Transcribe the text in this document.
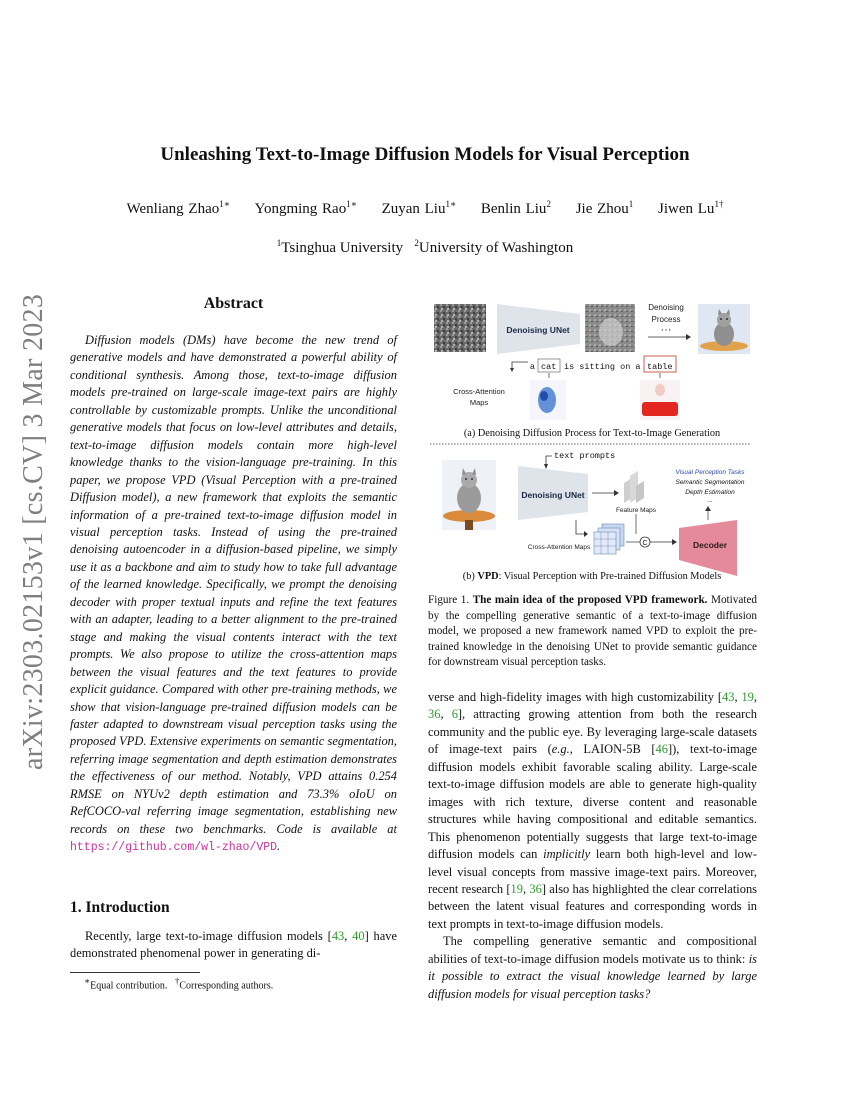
Unleashing Text-to-Image Diffusion Models for Visual Perception
Wenliang Zhao$^{1∗}$ Yongming Rao$^{1∗}$ Zuyan Liu$^{1∗}$ Benlin Liu$^2$ Jie Zhou$^1$ Jiwen $Lu^{1\dagger}$
$^1$Tsinghua University $^2$University of Washington
arXiv:2303.02153v1 [cs.CV] 3 Mar 2023	Abstract
Diffusion models (DMs) have become the new trend of generative models and have demonstrated a powerful ability of conditional synthesis. Among those, text-to-image diffusion models pre-trained on large-scale image-text pairs are highly controllable by customizable prompts. Unlike the unconditional generative models that focus on low-level attributes and details, text-to-image diffusion models contain more high-level knowledge thanks to the vision-language pre-training. In this paper, we propose VPD (Visual Perception with a pre-trained Diffusion model), a new framework that exploits the semantic information of a pre-trained text-to-image diffusion model in visual perception tasks. Instead of using the pre-trained denoising autoencoder in a diffusion-based pipeline, we simply use it as a backbone and aim to study how to take full advantage of the learned knowledge. Specifically, we prompt the denoising decoder with proper textual inputs and refine the text features with an adapter, leading to a better alignment to the pre-trained stage and making the visual contents interact with the text prompts. We also propose to utilize the cross-attention maps between the visual features and the text features to provide explicit guidance. Compared with other pre-training methods, we show that vision-language pre-trained diffusion models can be faster adapted to downstream visual perception tasks using the proposed VPD. Extensive experiments on semantic segmentation, referring image segmentation and depth estimation demonstrates the effectiveness of our method. Notably, VPD attains 0.254 RMSE on NYUv2 depth estimation and 73.3% oIoU on RefCOCO-val referring image segmentation, establishing new records on these two benchmarks. Code is available at https://github.com/wl-zhao/VPD.
1. Introduction
Recently, large text-to-image diffusion models [43, 40] have demonstrated phenomenal power in generating di-
∗Equal contribution. †Corresponding authors.
Denoising UNet
Denoising
Process
···
a cat is sitting on a table
Cross-Attention
Maps
(a) Denoising Diffusion Process for Text-to-Image Generation
Denoising UNet
text prompts
Feature Maps
Cross-Attention Maps
C	Decoder
Visual Perception Tasks
Semantic Segmentation
Depth Estimation
...
(b) VPD: Visual Perception with Pre-trained Diffusion Models
Figure 1. The main idea of the proposed VPD framework. Motivated by the compelling generative semantic of a text-to-image diffusion model, we proposed a new framework named VPD to exploit the pre-trained knowledge in the denoising UNet to provide semantic guidance for downstream visual perception tasks.

verse and high-fidelity images with high customizability [43, 19, 36, 6], attracting growing attention from both the research community and the public eye. By leveraging large-scale datasets of image-text pairs (e.g., LAION-5B [46]), text-to-image diffusion models exhibit favorable scaling ability. Large-scale text-to-image diffusion models are able to generate high-quality images with rich texture, diverse content and reasonable structures while having compositional and editable semantics. This phenomenon potentially suggests that large text-to-image diffusion models can implicitly learn both high-level and low-level visual concepts from massive image-text pairs. Moreover, recent research [19, 36] also has highlighted the clear correlations between the latent visual features and corresponding words in text prompts in text-to-image diffusion models.

The compelling generative semantic and compositional abilities of text-to-image diffusion models motivate us to think: is it possible to extract the visual knowledge learned by large diffusion models for visual perception tasks?
